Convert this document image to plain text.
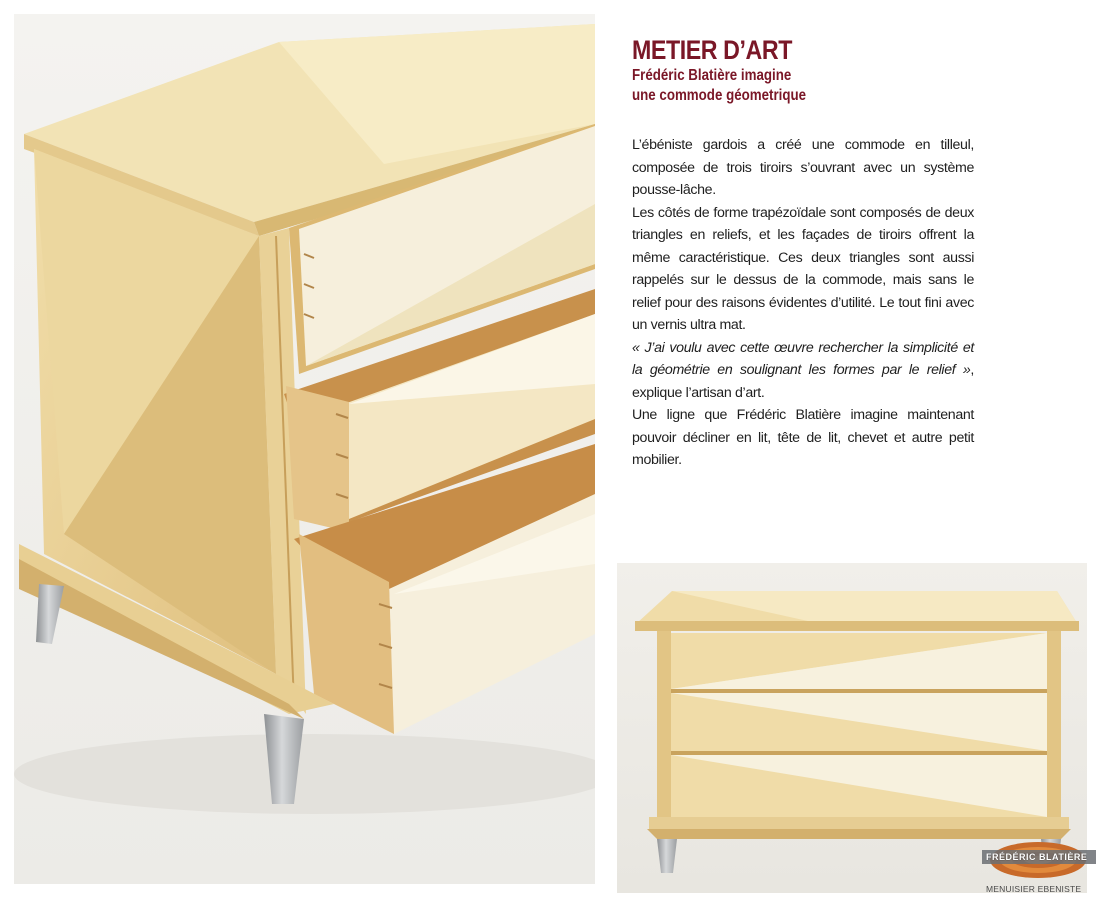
METIER D’ART
Frédéric Blatière imagine
une commode géometrique

L’ébéniste gardois a créé une commode en tilleul, composée de trois tiroirs s’ouvrant avec un système pousse-lâche.

Les côtés de forme trapézoïdale sont composés de deux triangles en reliefs, et les façades de tiroirs offrent la même caractéristique. Ces deux triangles sont aussi rappelés sur le dessus de la commode, mais sans le relief pour des raisons évidentes d’utilité. Le tout fini avec un vernis ultra mat.

« J’ai voulu avec cette œuvre rechercher la simplicité et la géométrie en soulignant les formes par le relief », explique l’artisan d’art.

Une ligne que Frédéric Blatière imagine maintenant pouvoir décliner en lit, tête de lit, chevet et autre petit mobilier.

FRÉDÉRIC BLATIÈRE
MENUISIER EBENISTE
